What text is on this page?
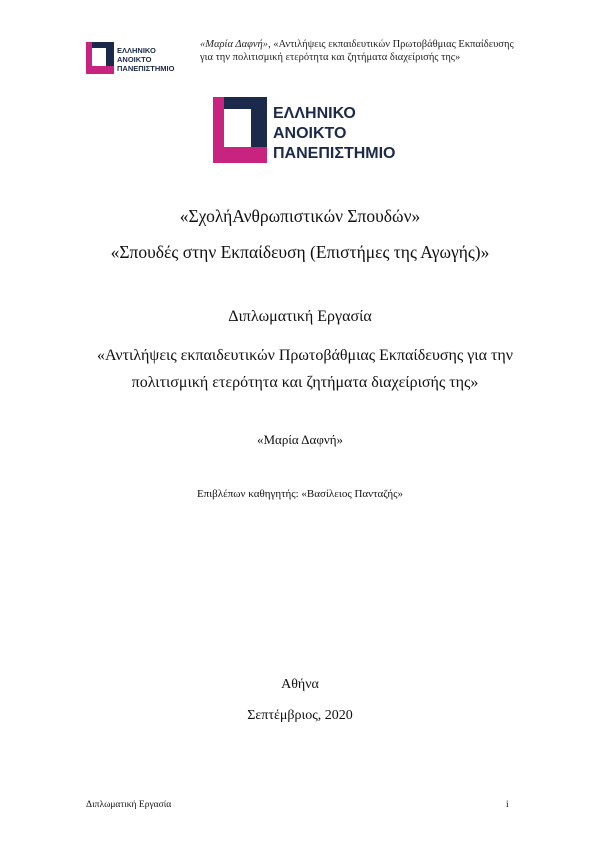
ΕΛΛΗΝΙΚΟ
ΑΝΟΙΚΤΟ
ΠΑΝΕΠΙΣΤΗΜΙΟ
«Μαρία Δαφνή», «Αντιλήψεις εκπαιδευτικών Πρωτοβάθμιας Εκπαίδευσης για την πολιτισμική ετερότητα και ζητήματα διαχείρισής της»
ΕΛΛΗΝΙΚΟ
ΑΝΟΙΚΤΟ
ΠΑΝΕΠΙΣΤΗΜΙΟ
«ΣχολήΑνθρωπιστικών Σπουδών»
«Σπουδές στην Εκπαίδευση (Επιστήμες της Αγωγής)»
Διπλωματική Εργασία
«Αντιλήψεις εκπαιδευτικών Πρωτοβάθμιας Εκπαίδευσης για την
πολιτισμική ετερότητα και ζητήματα διαχείρισής της»
«Μαρία Δαφνή»
Επιβλέπων καθηγητής: «Βασίλειος Πανταζής»
Αθήνα
Σεπτέμβριος, 2020
Διπλωματική Εργασία	i
